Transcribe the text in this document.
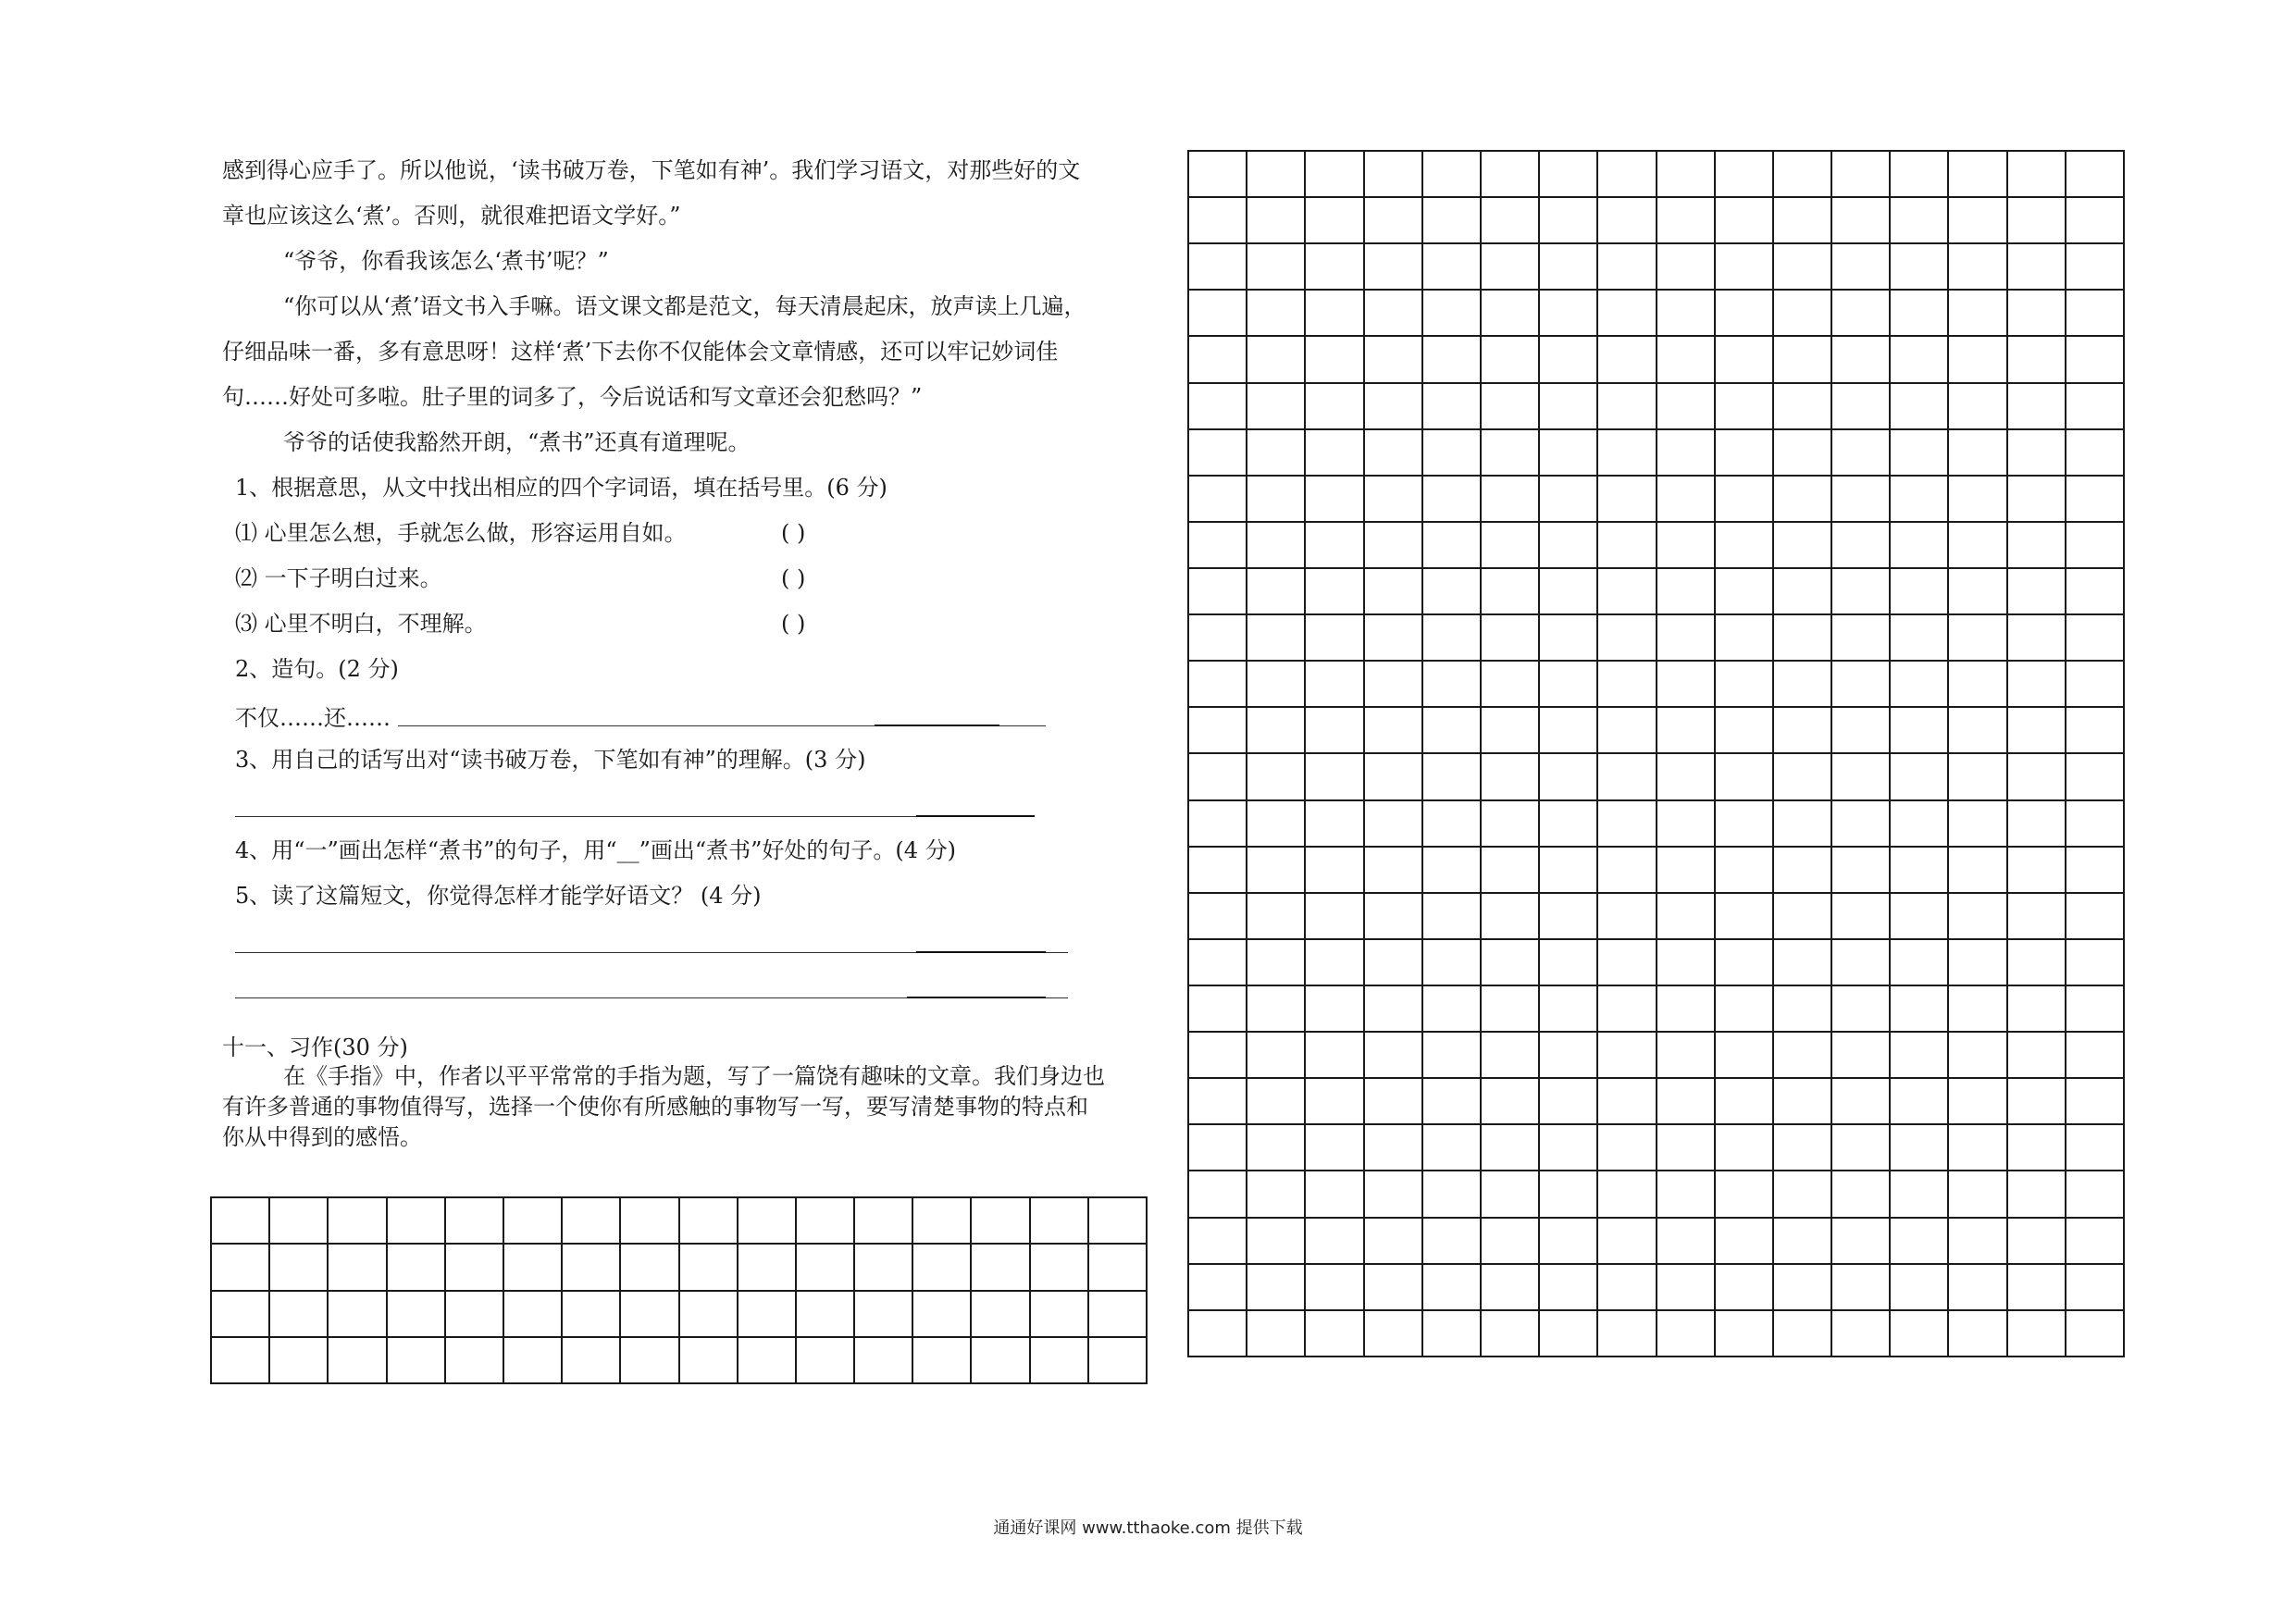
感到得心应手了。所以他说，‘读书破万卷，下笔如有神’。我们学习语文，对那些好的文

章也应该这么‘煮’。否则，就很难把语文学好。”

“爷爷，你看我该怎么‘煮书’呢？”

“你可以从‘煮’语文书入手嘛。语文课文都是范文，每天清晨起床，放声读上几遍，

仔细品味一番，多有意思呀！这样‘煮’下去你不仅能体会文章情感，还可以牢记妙词佳

句……好处可多啦。肚子里的词多了，今后说话和写文章还会犯愁吗？”

爷爷的话使我豁然开朗，“煮书”还真有道理呢。

1、根据意思，从文中找出相应的四个字词语，填在括号里。(6 分)

⑴ 心里怎么想，手就怎么做，形容运用自如。	( )
⑵ 一下子明白过来。	( )
⑶ 心里不明白，不理解。	( )

2、造句。(2 分)

不仅……还……

3、用自己的话写出对“读书破万卷，下笔如有神”的理解。(3 分)

4、用“一”画出怎样“煮书”的句子，用“__”画出“煮书”好处的句子。(4 分)

5、读了这篇短文，你觉得怎样才能学好语文？ (4 分)

十一、习作(30 分)

在《手指》中，作者以平平常常的手指为题，写了一篇饶有趣味的文章。我们身边也

有许多普通的事物值得写，选择一个使你有所感触的事物写一写，要写清楚事物的特点和

你从中得到的感悟。

通通好课网 www.tthaoke.com 提供下载
